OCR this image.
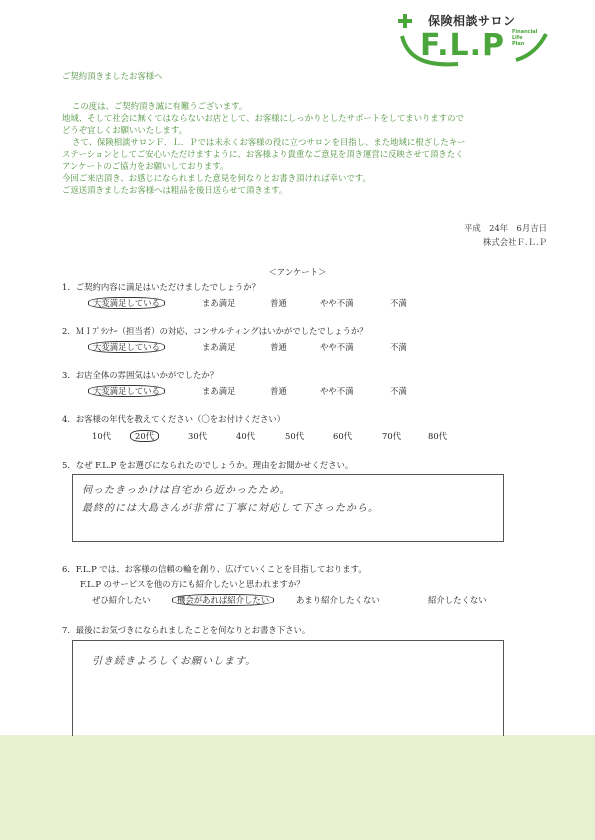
保険相談サロン
F.L.P Financial
Life
Plan
ご契約頂きましたお客様へ

この度は、ご契約頂き誠に有難うございます。

地域、そして社会に無くてはならないお店として、お客様にしっかりとしたサポートをしてまいりますので

どうぞ宜しくお願いいたします。

さて、保険相談サロンＦ．Ｌ．Ｐでは末永くお客様の役に立つサロンを目指し、また地域に根ざしたキー

ステーションとしてご安心いただけますように、お客様より貴重なご意見を頂き運営に反映させて頂きたく

アンケートのご協力をお願いしております。

今回ご来店頂き、お感じになられました意見を何なりとお書き頂ければ幸いです。

ご返送頂きましたお客様へは粗品を後日送らせて頂きます。

平成　24年　6月吉日
株式会社Ｆ.Ｌ.Ｐ
＜アンケート＞
1．ご契約内容に満足はいただけましたでしょうか？
大変満足している	まあ満足	普通	やや不満	不満
2．ＭＩﾌﾟﾗﾝﾅｰ（担当者）の対応、コンサルティングはいかがでしたでしょうか？
大変満足している	まあ満足	普通	やや不満	不満
3．お店全体の雰囲気はいかがでしたか？
大変満足している	まあ満足	普通	やや不満	不満
4．お客様の年代を教えてください（〇をお付けください）
10代	20代	30代	40代	50代	60代	70代	80代
5．なぜ F.L.P をお選びになられたのでしょうか。理由をお聞かせください。
伺ったきっかけは自宅から近かったため。
最終的には大島さんが非常に丁寧に対応して下さったから。
6．F.L.P では、お客様の信頼の輪を創り、広げていくことを目指しております。
F.L.P のサービスを他の方にも紹介したいと思われますか？
ぜひ紹介したい	機会があれば紹介したい	あまり紹介したくない	紹介したくない
7．最後にお気づきになられましたことを何なりとお書き下さい。
引き続きよろしくお願いします。
